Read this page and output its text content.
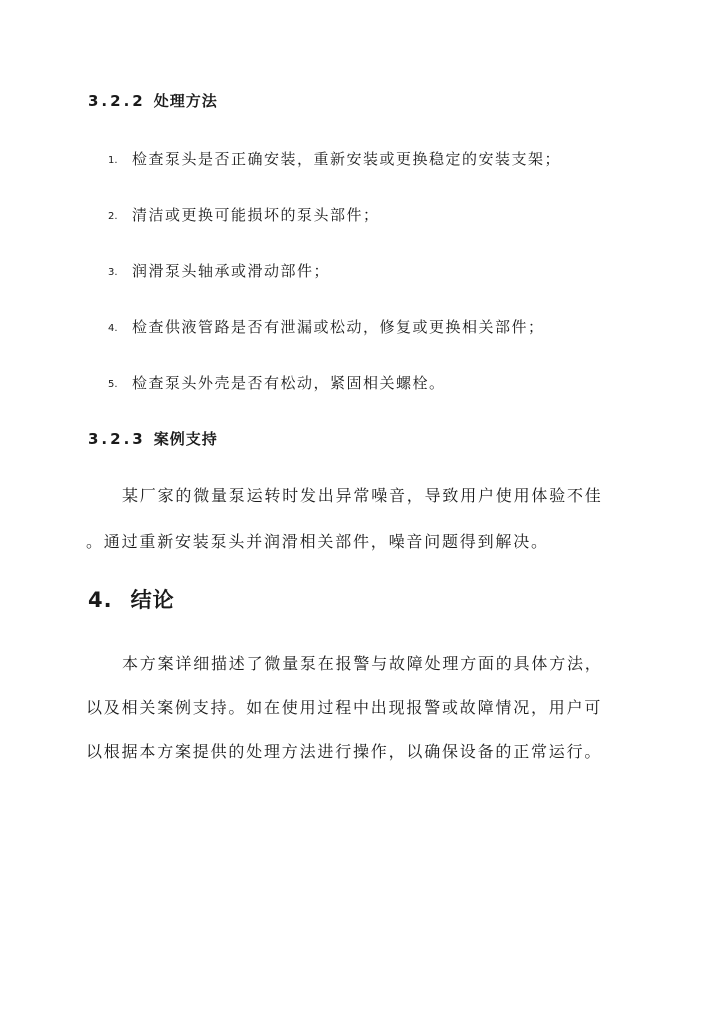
3.2.2 处理方法
1. 检查泵头是否正确安装，重新安装或更换稳定的安装支架；
2. 清洁或更换可能损坏的泵头部件；
3. 润滑泵头轴承或滑动部件；
4. 检查供液管路是否有泄漏或松动，修复或更换相关部件；
5. 检查泵头外壳是否有松动，紧固相关螺栓。
3.2.3 案例支持
某厂家的微量泵运转时发出异常噪音，导致用户使用体验不佳
。通过重新安装泵头并润滑相关部件，噪音问题得到解决。
4. 结论
本方案详细描述了微量泵在报警与故障处理方面的具体方法，
以及相关案例支持。如在使用过程中出现报警或故障情况，用户可
以根据本方案提供的处理方法进行操作，以确保设备的正常运行。
